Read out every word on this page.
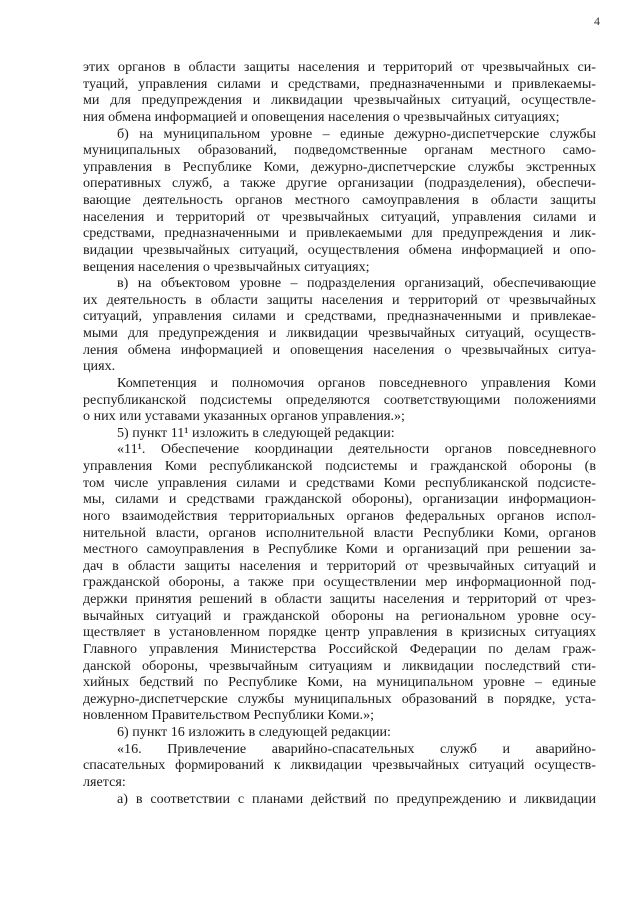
4
этих органов в области защиты населения и территорий от чрезвычайных си-
туаций, управления силами и средствами, предназначенными и привлекаемы-
ми для предупреждения и ликвидации чрезвычайных ситуаций, осуществле-
ния обмена информацией и оповещения населения о чрезвычайных ситуациях;
б) на муниципальном уровне – единые дежурно-диспетчерские службы
муниципальных образований, подведомственные органам местного само-
управления в Республике Коми, дежурно-диспетчерские службы экстренных
оперативных служб, а также другие организации (подразделения), обеспечи-
вающие деятельность органов местного самоуправления в области защиты
населения и территорий от чрезвычайных ситуаций, управления силами и
средствами, предназначенными и привлекаемыми для предупреждения и лик-
видации чрезвычайных ситуаций, осуществления обмена информацией и опо-
вещения населения о чрезвычайных ситуациях;
в) на объектовом уровне – подразделения организаций, обеспечивающие
их деятельность в области защиты населения и территорий от чрезвычайных
ситуаций, управления силами и средствами, предназначенными и привлекае-
мыми для предупреждения и ликвидации чрезвычайных ситуаций, осуществ-
ления обмена информацией и оповещения населения о чрезвычайных ситуа-
циях.
Компетенция и полномочия органов повседневного управления Коми
республиканской подсистемы определяются соответствующими положениями
о них или уставами указанных органов управления.»;
5) пункт 11¹ изложить в следующей редакции:
«11¹. Обеспечение координации деятельности органов повседневного
управления Коми республиканской подсистемы и гражданской обороны (в
том числе управления силами и средствами Коми республиканской подсисте-
мы, силами и средствами гражданской обороны), организации информацион-
ного взаимодействия территориальных органов федеральных органов испол-
нительной власти, органов исполнительной власти Республики Коми, органов
местного самоуправления в Республике Коми и организаций при решении за-
дач в области защиты населения и территорий от чрезвычайных ситуаций и
гражданской обороны, а также при осуществлении мер информационной под-
держки принятия решений в области защиты населения и территорий от чрез-
вычайных ситуаций и гражданской обороны на региональном уровне осу-
ществляет в установленном порядке центр управления в кризисных ситуациях
Главного управления Министерства Российской Федерации по делам граж-
данской обороны, чрезвычайным ситуациям и ликвидации последствий сти-
хийных бедствий по Республике Коми, на муниципальном уровне – единые
дежурно-диспетчерские службы муниципальных образований в порядке, уста-
новленном Правительством Республики Коми.»;
6) пункт 16 изложить в следующей редакции:
«16. Привлечение аварийно-спасательных служб и аварийно-
спасательных формирований к ликвидации чрезвычайных ситуаций осуществ-
ляется:
а) в соответствии с планами действий по предупреждению и ликвидации
